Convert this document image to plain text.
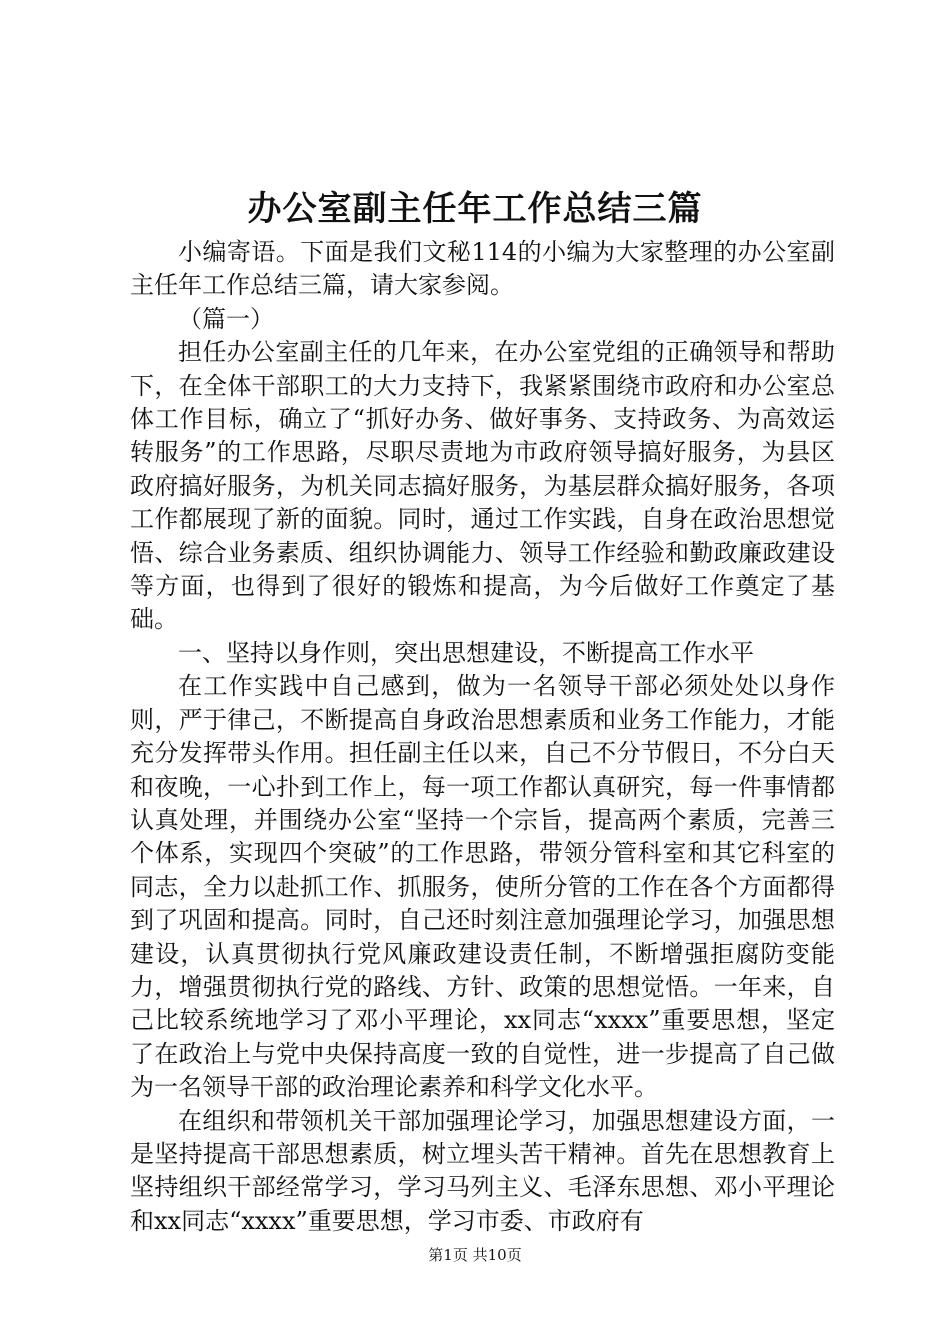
办公室副主任年工作总结三篇

小编寄语。下面是我们文秘114的小编为大家整理的办公室副主任年工作总结三篇，请大家参阅。

（篇一）

担任办公室副主任的几年来，在办公室党组的正确领导和帮助下，在全体干部职工的大力支持下，我紧紧围绕市政府和办公室总体工作目标，确立了“抓好办务、做好事务、支持政务、为高效运转服务”的工作思路，尽职尽责地为市政府领导搞好服务，为县区政府搞好服务，为机关同志搞好服务，为基层群众搞好服务，各项工作都展现了新的面貌。同时，通过工作实践，自身在政治思想觉悟、综合业务素质、组织协调能力、领导工作经验和勤政廉政建设等方面，也得到了很好的锻炼和提高，为今后做好工作奠定了基础。

一、坚持以身作则，突出思想建设，不断提高工作水平

在工作实践中自己感到，做为一名领导干部必须处处以身作则，严于律己，不断提高自身政治思想素质和业务工作能力，才能充分发挥带头作用。担任副主任以来，自己不分节假日，不分白天和夜晚，一心扑到工作上，每一项工作都认真研究，每一件事情都认真处理，并围绕办公室“坚持一个宗旨，提高两个素质，完善三个体系，实现四个突破”的工作思路，带领分管科室和其它科室的同志，全力以赴抓工作、抓服务，使所分管的工作在各个方面都得到了巩固和提高。同时，自己还时刻注意加强理论学习，加强思想建设，认真贯彻执行党风廉政建设责任制，不断增强拒腐防变能力，增强贯彻执行党的路线、方针、政策的思想觉悟。一年来，自己比较系统地学习了邓小平理论，xx同志“xxxx”重要思想，坚定了在政治上与党中央保持高度一致的自觉性，进一步提高了自己做为一名领导干部的政治理论素养和科学文化水平。

在组织和带领机关干部加强理论学习，加强思想建设方面，一是坚持提高干部思想素质，树立埋头苦干精神。首先在思想教育上坚持组织干部经常学习，学习马列主义、毛泽东思想、邓小平理论和xx同志“xxxx”重要思想，学习市委、市政府有

第1页 共10页
